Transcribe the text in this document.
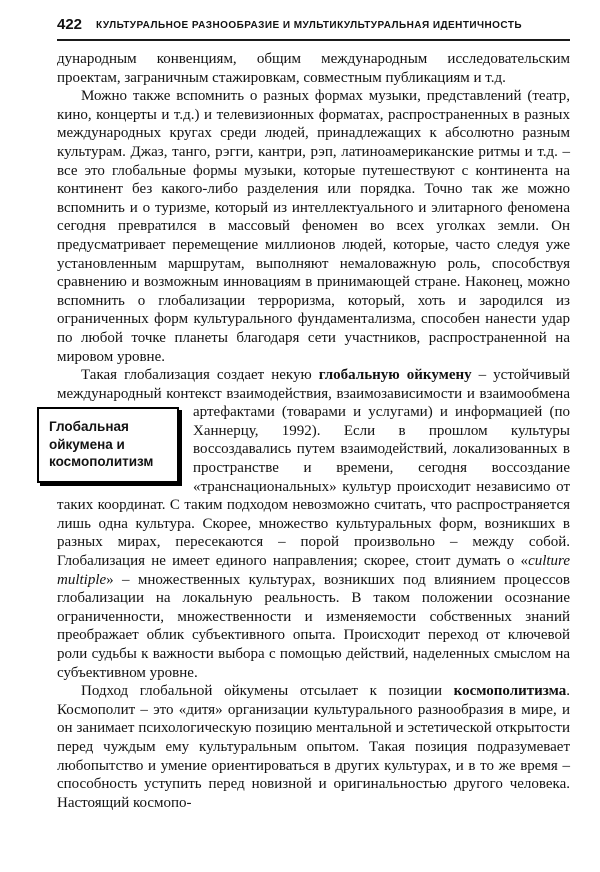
422 КУЛЬТУРАЛЬНОЕ РАЗНООБРАЗИЕ И МУЛЬТИКУЛЬТУРАЛЬНАЯ ИДЕНТИЧНОСТЬ

дународным конвенциям, общим международным исследовательским проектам, заграничным стажировкам, совместным публикациям и т.д.

Можно также вспомнить о разных формах музыки, представлений (театр, кино, концерты и т.д.) и телевизионных форматах, распространенных в разных международных кругах среди людей, принадлежащих к абсолютно разным культурам. Джаз, танго, рэгги, кантри, рэп, латиноамериканские ритмы и т.д. – все это глобальные формы музыки, которые путешествуют с континента на континент без какого-либо разделения или порядка. Точно так же можно вспомнить и о туризме, который из интеллектуального и элитарного феномена сегодня превратился в массовый феномен во всех уголках земли. Он предусматривает перемещение миллионов людей, которые, часто следуя уже установленным маршрутам, выполняют немаловажную роль, способствуя сравнению и возможным инновациям в принимающей стране. Наконец, можно вспомнить о глобализации терроризма, который, хоть и зародился из ограниченных форм культурального фундаментализма, способен нанести удар по любой точке планеты благодаря сети участников, распространенной на мировом уровне.

Такая глобализация создает некую глобальную ойкумену – устойчивый международный контекст взаимодействия, взаимозависимости
Глобальная ойкумена и космополитизм
и взаимообмена артефактами (товарами и услугами) и информацией (по Ханнерцу, 1992). Если в прошлом культуры воссоздавались путем взаимодействий, локализованных в пространстве и времени, сегодня воссоздание «транснациональных» культур происходит независимо от таких координат. С таким подходом невозможно считать, что распространяется лишь одна культура. Скорее, множество культуральных форм, возникших в разных мирах, пересекаются – порой произвольно – между собой. Глобализация не имеет единого направления; скорее, стоит думать о «culture multiple» – множественных культурах, возникших под влиянием процессов глобализации на локальную реальность. В таком положении осознание ограниченности, множественности и изменяемости собственных знаний преображает облик субъективного опыта. Происходит переход от ключевой роли судьбы к важности выбора с помощью действий, наделенных смыслом на субъективном уровне.

Подход глобальной ойкумены отсылает к позиции космополитизма. Космополит – это «дитя» организации культурального разнообразия в мире, и он занимает психологическую позицию ментальной и эстетической открытости перед чуждым ему культуральным опытом. Такая позиция подразумевает любопытство и умение ориентироваться в других культурах, и в то же время – способность уступить перед новизной и оригинальностью другого человека. Настоящий космопо-
